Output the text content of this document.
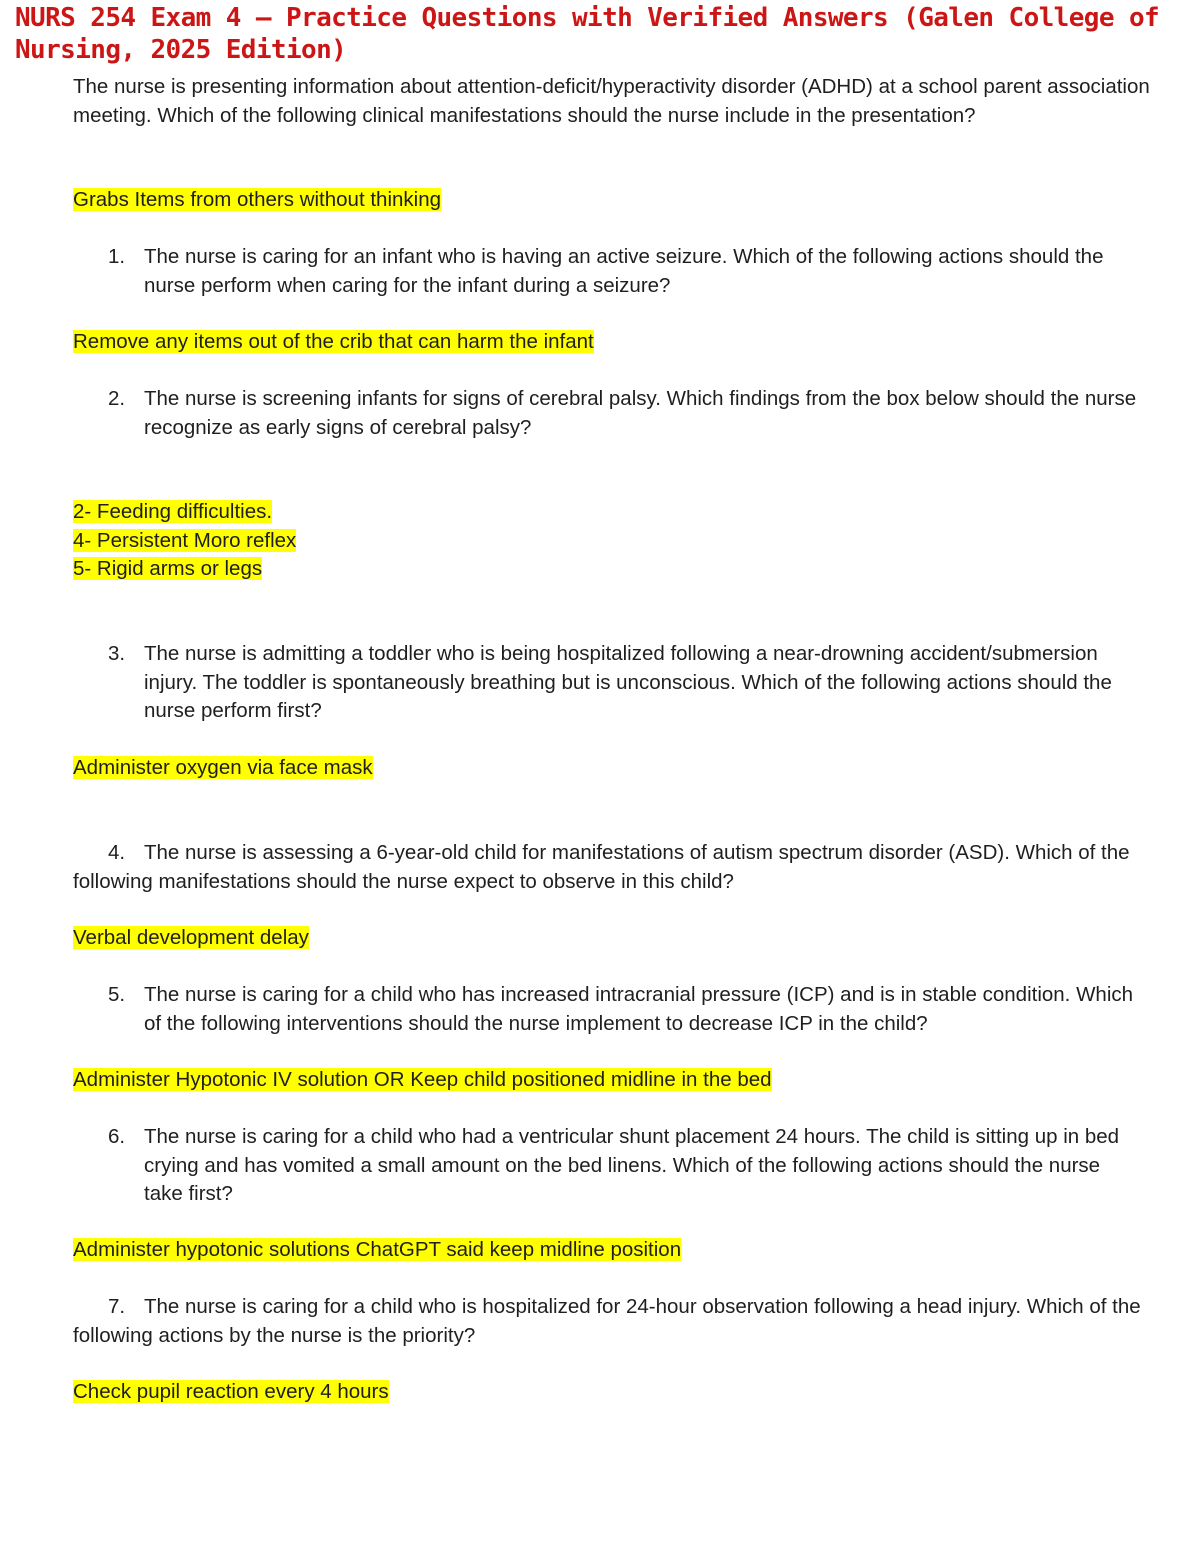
NURS 254 Exam 4 – Practice Questions with Verified Answers (Galen College of Nursing, 2025 Edition)

The nurse is presenting information about attention-deficit/hyperactivity disorder (ADHD) at a school parent association meeting. Which of the following clinical manifestations should the nurse include in the presentation?

Grabs Items from others without thinking

1. The nurse is caring for an infant who is having an active seizure. Which of the following actions should the nurse perform when caring for the infant during a seizure?

Remove any items out of the crib that can harm the infant

2. The nurse is screening infants for signs of cerebral palsy. Which findings from the box below should the nurse recognize as early signs of cerebral palsy?

2- Feeding difficulties.
4- Persistent Moro reflex
5- Rigid arms or legs

3. The nurse is admitting a toddler who is being hospitalized following a near-drowning accident/submersion injury. The toddler is spontaneously breathing but is unconscious. Which of the following actions should the nurse perform first?

Administer oxygen via face mask

4. The nurse is assessing a 6-year-old child for manifestations of autism spectrum disorder (ASD). Which of the following manifestations should the nurse expect to observe in this child?

Verbal development delay

5. The nurse is caring for a child who has increased intracranial pressure (ICP) and is in stable condition. Which of the following interventions should the nurse implement to decrease ICP in the child?

Administer Hypotonic IV solution OR Keep child positioned midline in the bed

6. The nurse is caring for a child who had a ventricular shunt placement 24 hours. The child is sitting up in bed crying and has vomited a small amount on the bed linens. Which of the following actions should the nurse take first?

Administer hypotonic solutions ChatGPT said keep midline position

7. The nurse is caring for a child who is hospitalized for 24-hour observation following a head injury. Which of the following actions by the nurse is the priority?

Check pupil reaction every 4 hours
